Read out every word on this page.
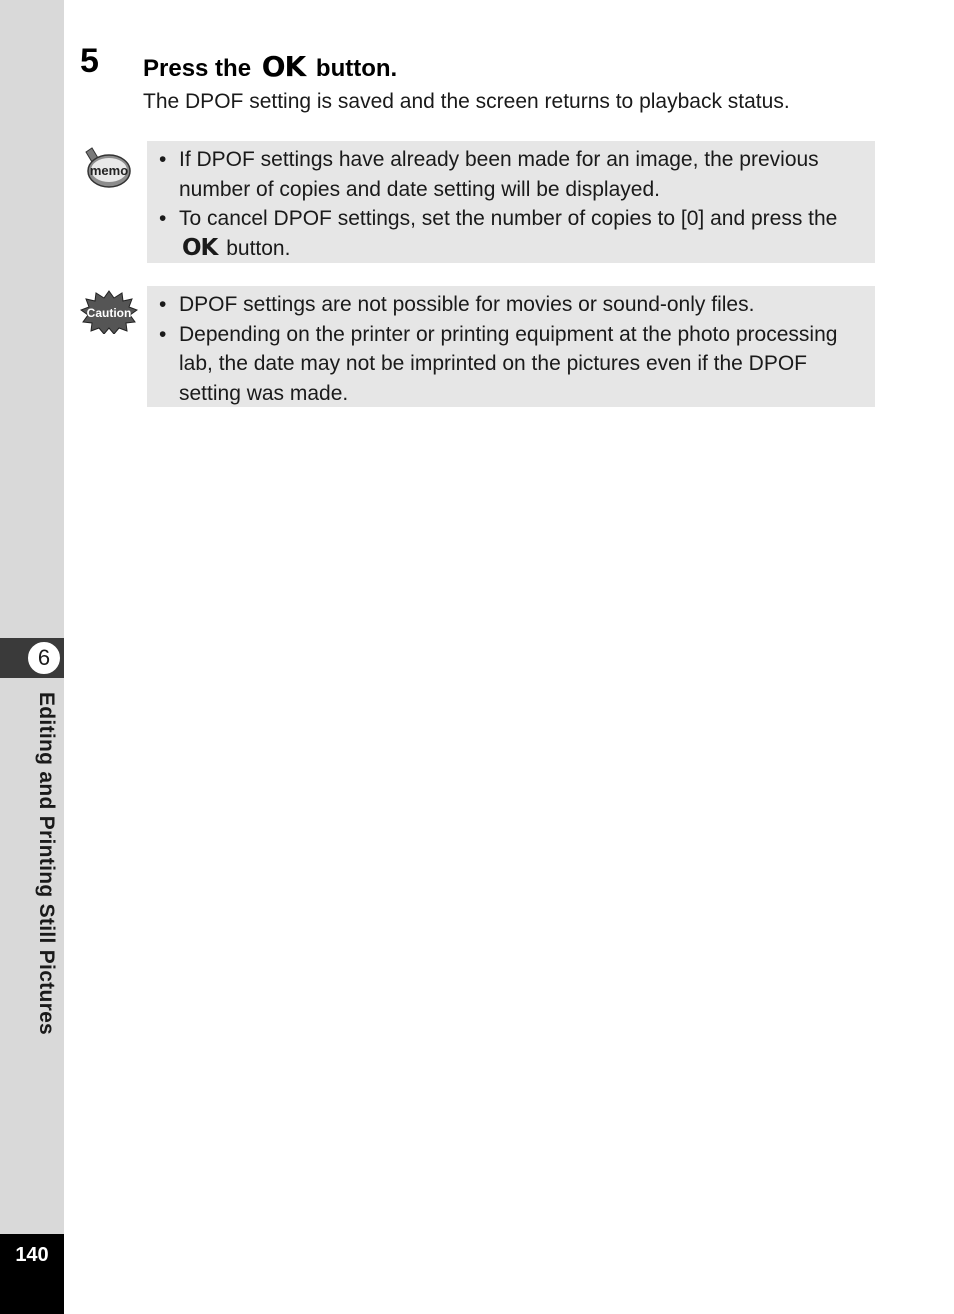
6
Editing and Printing Still Pictures
140
5 Press the OK button.
The DPOF setting is saved and the screen returns to playback status.
memo • If DPOF settings have already been made for an image, the previous number of copies and date setting will be displayed.
• To cancel DPOF settings, set the number of copies to [0] and press the OK button.
Caution • DPOF settings are not possible for movies or sound-only files.
• Depending on the printer or printing equipment at the photo processing lab, the date may not be imprinted on the pictures even if the DPOF setting was made.
